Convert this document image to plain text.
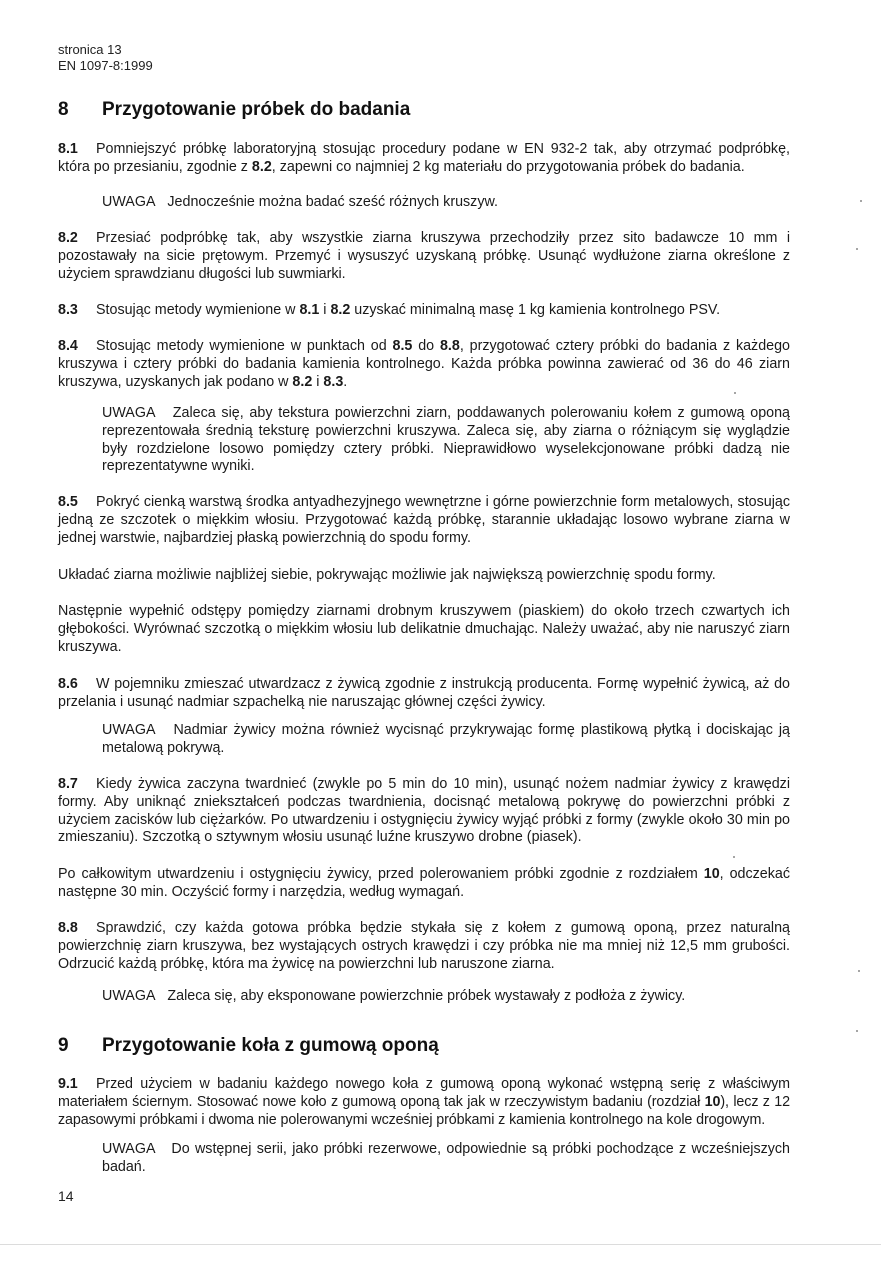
stronica 13
EN 1097-8:1999
8 Przygotowanie próbek do badania
8.1 Pomniejszyć próbkę laboratoryjną stosując procedury podane w EN 932-2 tak, aby otrzymać podpróbkę, która po przesianiu, zgodnie z 8.2, zapewni co najmniej 2 kg materiału do przygotowania próbek do badania.
UWAGA Jednocześnie można badać sześć różnych kruszyw.
8.2 Przesiać podpróbkę tak, aby wszystkie ziarna kruszywa przechodziły przez sito badawcze 10 mm i pozostawały na sicie prętowym. Przemyć i wysuszyć uzyskaną próbkę. Usunąć wydłużone ziarna określone z użyciem sprawdzianu długości lub suwmiarki.
8.3 Stosując metody wymienione w 8.1 i 8.2 uzyskać minimalną masę 1 kg kamienia kontrolnego PSV.
8.4 Stosując metody wymienione w punktach od 8.5 do 8.8, przygotować cztery próbki do badania z każdego kruszywa i cztery próbki do badania kamienia kontrolnego. Każda próbka powinna zawierać od 36 do 46 ziarn kruszywa, uzyskanych jak podano w 8.2 i 8.3.
UWAGA Zaleca się, aby tekstura powierzchni ziarn, poddawanych polerowaniu kołem z gumową oponą reprezentowała średnią teksturę powierzchni kruszywa. Zaleca się, aby ziarna o różniącym się wyglądzie były rozdzielone losowo pomiędzy cztery próbki. Nieprawidłowo wyselekcjonowane próbki dadzą nie reprezentatywne wyniki.
8.5 Pokryć cienką warstwą środka antyadhezyjnego wewnętrzne i górne powierzchnie form metalowych, stosując jedną ze szczotek o miękkim włosiu. Przygotować każdą próbkę, starannie układając losowo wybrane ziarna w jednej warstwie, najbardziej płaską powierzchnią do spodu formy.
Układać ziarna możliwie najbliżej siebie, pokrywając możliwie jak największą powierzchnię spodu formy.
Następnie wypełnić odstępy pomiędzy ziarnami drobnym kruszywem (piaskiem) do około trzech czwartych ich głębokości. Wyrównać szczotką o miękkim włosiu lub delikatnie dmuchając. Należy uważać, aby nie naruszyć ziarn kruszywa.
8.6 W pojemniku zmieszać utwardzacz z żywicą zgodnie z instrukcją producenta. Formę wypełnić żywicą, aż do przelania i usunąć nadmiar szpachelką nie naruszając głównej części żywicy.
UWAGA Nadmiar żywicy można również wycisnąć przykrywając formę plastikową płytką i dociskając ją metalową pokrywą.
8.7 Kiedy żywica zaczyna twardnieć (zwykle po 5 min do 10 min), usunąć nożem nadmiar żywicy z krawędzi formy. Aby uniknąć zniekształceń podczas twardnienia, docisnąć metalową pokrywę do powierzchni próbki z użyciem zacisków lub ciężarków. Po utwardzeniu i ostygnięciu żywicy wyjąć próbki z formy (zwykle około 30 min po zmieszaniu). Szczotką o sztywnym włosiu usunąć luźne kruszywo drobne (piasek).
Po całkowitym utwardzeniu i ostygnięciu żywicy, przed polerowaniem próbki zgodnie z rozdziałem 10, odczekać następne 30 min. Oczyścić formy i narzędzia, według wymagań.
8.8 Sprawdzić, czy każda gotowa próbka będzie stykała się z kołem z gumową oponą, przez naturalną powierzchnię ziarn kruszywa, bez wystających ostrych krawędzi i czy próbka nie ma mniej niż 12,5 mm grubości. Odrzucić każdą próbkę, która ma żywicę na powierzchni lub naruszone ziarna.
UWAGA Zaleca się, aby eksponowane powierzchnie próbek wystawały z podłoża z żywicy.
9 Przygotowanie koła z gumową oponą
9.1 Przed użyciem w badaniu każdego nowego koła z gumową oponą wykonać wstępną serię z właściwym materiałem ściernym. Stosować nowe koło z gumową oponą tak jak w rzeczywistym badaniu (rozdział 10), lecz z 12 zapasowymi próbkami i dwoma nie polerowanymi wcześniej próbkami z kamienia kontrolnego na kole drogowym.
UWAGA Do wstępnej serii, jako próbki rezerwowe, odpowiednie są próbki pochodzące z wcześniejszych badań.
14
